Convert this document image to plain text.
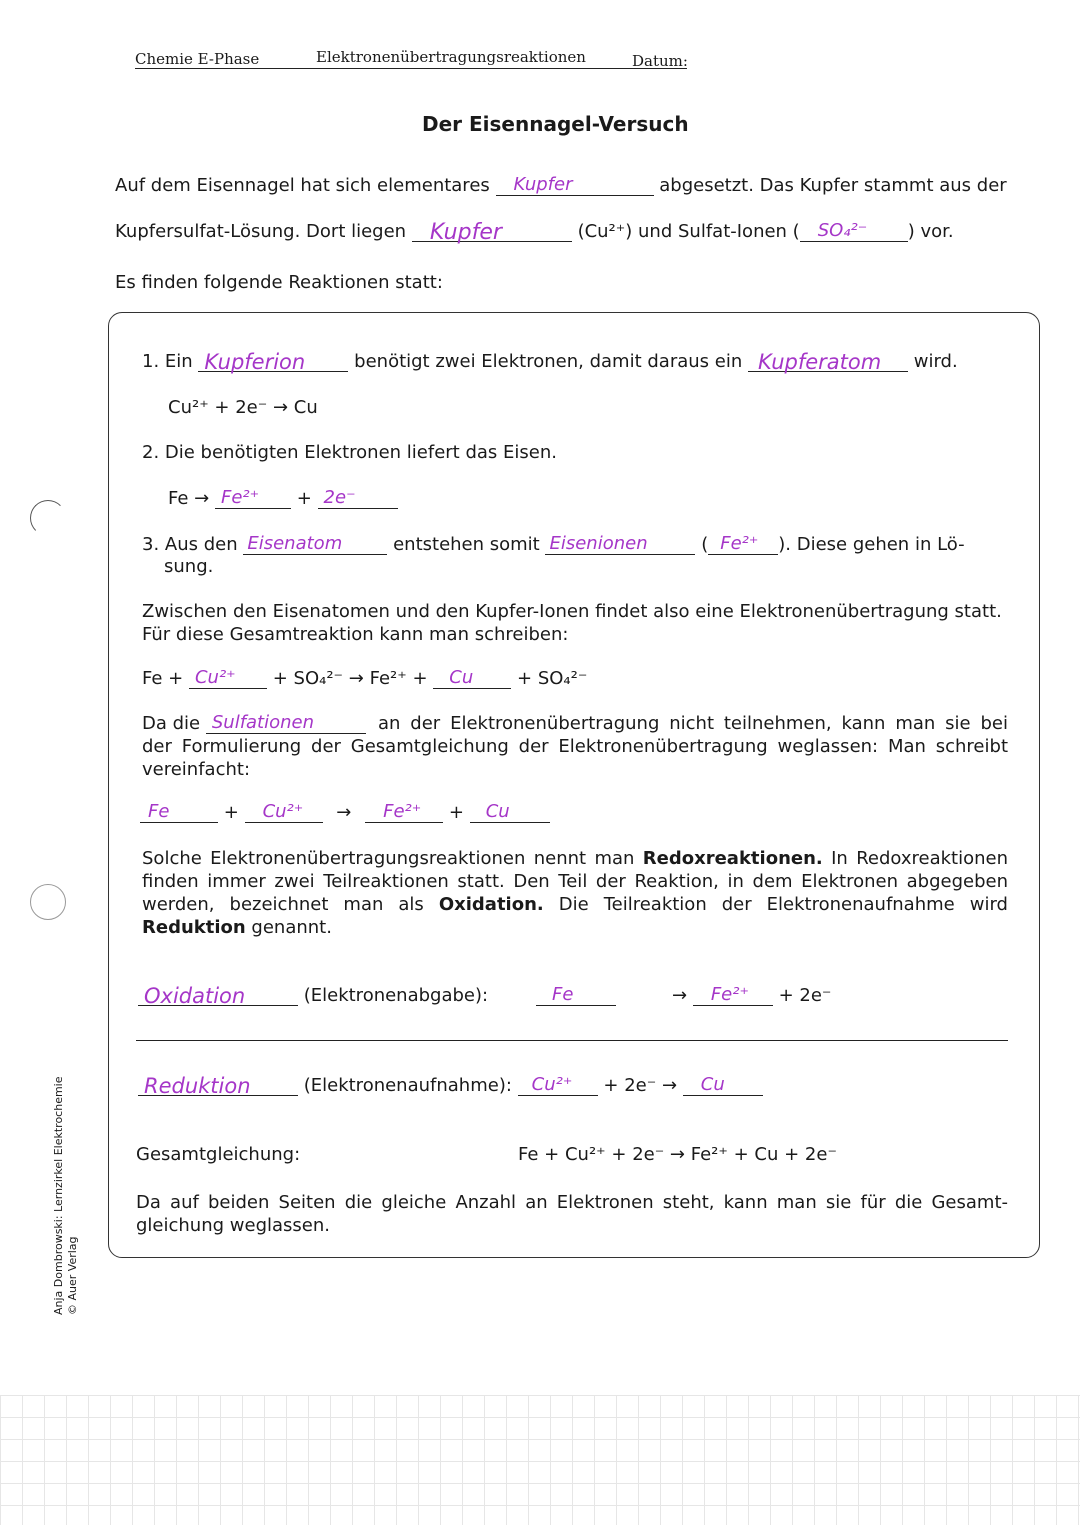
Chemie E-Phase	Elektronenübertragungsreaktionen	Datum:
Der Eisennagel-Versuch
Auf dem Eisennagel hat sich elementares Kupfer	abgesetzt. Das Kupfer stammt aus der
Kupfersulfat-Lösung. Dort liegen Kupfer	(Cu²⁺) und Sulfat-Ionen ( SO₄²⁻ ) vor.
Es finden folgende Reaktionen statt:
1. Ein Kupferion	benötigt zwei Elektronen, damit daraus ein Kupferatom wird.
Cu²⁺ + 2e⁻ → Cu
2. Die benötigten Elektronen liefert das Eisen.
Fe → Fe²⁺ + 2e⁻
3. Aus den Eisenatom	entstehen somit Eisenionen	( Fe²⁺ ). Diese gehen in Lö-
sung.
Zwischen den Eisenatomen und den Kupfer-Ionen findet also eine Elektronenübertragung statt. Für diese Gesamtreaktion kann man schreiben:
Fe + Cu²⁺ + SO₄²⁻ → Fe²⁺ + Cu + SO₄²⁻
Da die Sulfationen	an der Elektronenübertragung nicht teilnehmen, kann man sie bei der Formulierung der Gesamtgleichung der Elektronenübertragung weglassen: Man schreibt vereinfacht:
Fe	+ Cu²⁺ → Fe²⁺ + Cu
Solche Elektronenübertragungsreaktionen nennt man Redoxreaktionen. In Redoxreaktionen finden immer zwei Teilreaktionen statt. Den Teil der Reaktion, in dem Elektronen abgegeben werden, bezeichnet man als Oxidation. Die Teilreaktion der Elektronenaufnahme wird Reduktion genannt.
Oxidation	(Elektronenabgabe):	Fe	→ Fe²⁺ + 2e⁻
Reduktion	(Elektronenaufnahme): Cu²⁺ + 2e⁻ → Cu
Gesamtgleichung:	Fe + Cu²⁺ + 2e⁻ → Fe²⁺ + Cu + 2e⁻
Da auf beiden Seiten die gleiche Anzahl an Elektronen steht, kann man sie für die Gesamt- gleichung weglassen.
Anja Dombrowski: Lernzirkel Elektrochemie © Auer Verlag
